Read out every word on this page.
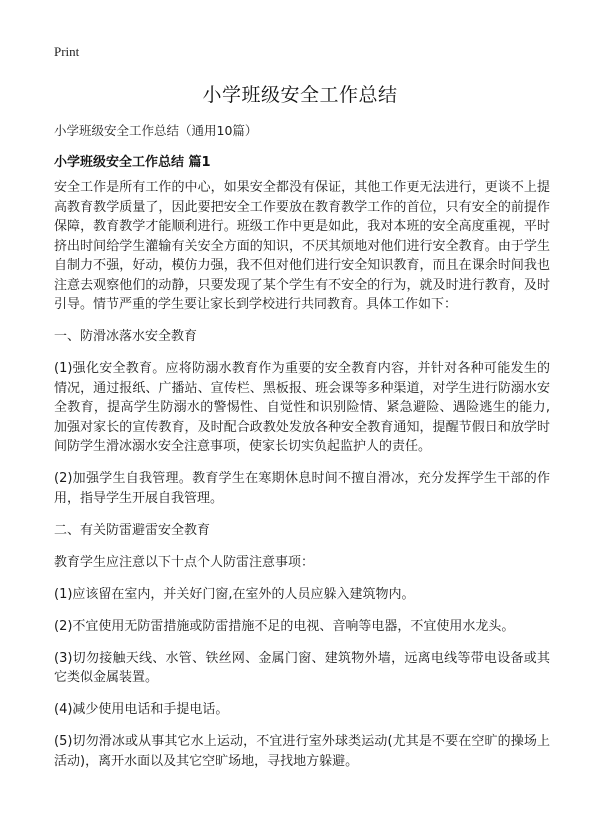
Print
小学班级安全工作总结
小学班级安全工作总结（通用10篇）
小学班级安全工作总结 篇1

安全工作是所有工作的中心，如果安全都没有保证，其他工作更无法进行，更谈不上提高教育教学质量了，因此要把安全工作要放在教育教学工作的首位，只有安全的前提作保障，教育教学才能顺利进行。班级工作中更是如此，我对本班的安全高度重视，平时挤出时间给学生灌输有关安全方面的知识，不厌其烦地对他们进行安全教育。由于学生自制力不强，好动，模仿力强，我不但对他们进行安全知识教育，而且在课余时间我也注意去观察他们的动静，只要发现了某个学生有不安全的行为，就及时进行教育，及时引导。情节严重的学生要让家长到学校进行共同教育。具体工作如下：

一、防滑冰落水安全教育

(1)强化安全教育。应将防溺水教育作为重要的安全教育内容，并针对各种可能发生的情况，通过报纸、广播站、宣传栏、黑板报、班会课等多种渠道，对学生进行防溺水安全教育，提高学生防溺水的警惕性、自觉性和识别险情、紧急避险、遇险逃生的能力,加强对家长的宣传教育，及时配合政教处发放各种安全教育通知，提醒节假日和放学时间防学生滑冰溺水安全注意事项，使家长切实负起监护人的责任。

(2)加强学生自我管理。教育学生在寒期休息时间不擅自滑冰，充分发挥学生干部的作用，指导学生开展自我管理。

二、有关防雷避雷安全教育

教育学生应注意以下十点个人防雷注意事项：

(1)应该留在室内，并关好门窗,在室外的人员应躲入建筑物内。

(2)不宜使用无防雷措施或防雷措施不足的电视、音响等电器，不宜使用水龙头。

(3)切勿接触天线、水管、铁丝网、金属门窗、建筑物外墙，远离电线等带电设备或其它类似金属装置。

(4)减少使用电话和手提电话。

(5)切勿滑冰或从事其它水上运动，不宜进行室外球类运动(尤其是不要在空旷的操场上活动)，离开水面以及其它空旷场地，寻找地方躲避。
